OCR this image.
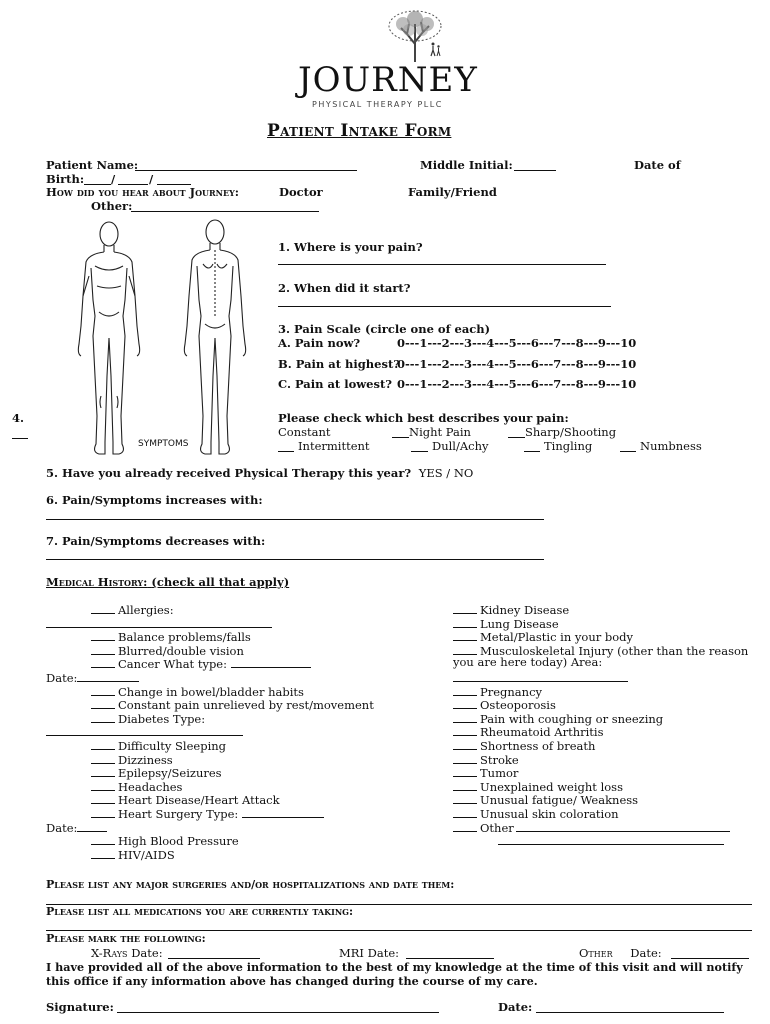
JOURNEY
PHYSICAL THERAPY PLLC
Patient Intake Form
Patient Name:	Middle Initial:	Date of
Birth: /	/
How did you hear about Journey:	Doctor	Family/Friend
Other:
SYMPTOMS
1. Where is your pain?
2. When did it start?
3. Pain Scale (circle one of each)
A. Pain now?	0---1---2---3---4---5---6---7---8---9---10
B. Pain at highest?
0---1---2---3---4---5---6---7---8---9---10
C. Pain at lowest? 0---1---2---3---4---5---6---7---8---9---10
4.	Please check which best describes your pain:
Constant	Night Pain	Sharp/Shooting
Intermittent	Dull/Achy	Tingling	Numbness
5. Have you already received Physical Therapy this year? YES / NO
6. Pain/Symptoms increases with:
7. Pain/Symptoms decreases with:
Medical History: (check all that apply)
Allergies:
Balance problems/falls
Blurred/double vision
Cancer What type:
Date:
Change in bowel/bladder habits
Constant pain unrelieved by rest/movement
Diabetes Type:
Difficulty Sleeping
Dizziness
Epilepsy/Seizures
Headaches
Heart Disease/Heart Attack
Heart Surgery Type:
Date:
High Blood Pressure
HIV/AIDS
Kidney Disease
Lung Disease
Metal/Plastic in your body
Musculoskeletal Injury (other than the reason
you are here today) Area:
Pregnancy
Osteoporosis
Pain with coughing or sneezing
Rheumatoid Arthritis
Shortness of breath
Stroke
Tumor
Unexplained weight loss
Unusual fatigue/ Weakness
Unusual skin coloration
Other
Please list any major surgeries and/or hospitalizations and date them:
Please list all medications you are currently taking:
Please mark the following:
X-Rays Date:	MRI Date:	Other Date:
I have provided all of the above information to the best of my knowledge at the time of this visit and will notify
this office if any information above has changed during the course of my care.
Signature:	Date:
